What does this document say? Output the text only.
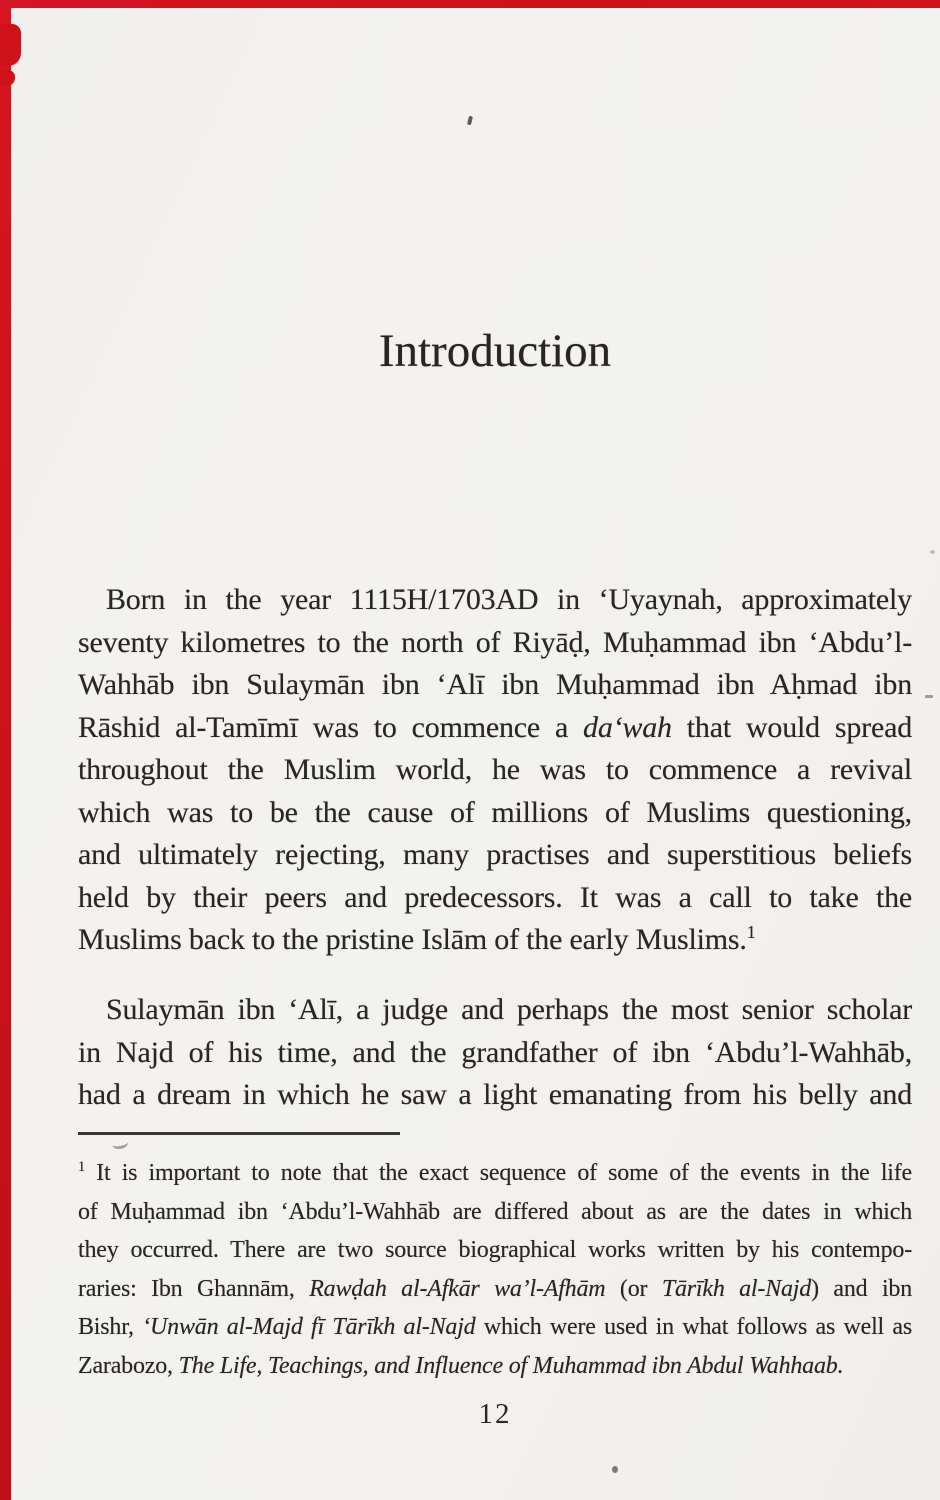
Introduction
Born in the year 1115H/1703AD in ‘Uyaynah, approximately
seventy kilometres to the north of Riyāḍ, Muḥammad ibn ‘Abdu’l-
Wahhāb ibn Sulaymān ibn ‘Alī ibn Muḥammad ibn Aḥmad ibn
Rāshid al-Tamīmī was to commence a da‘wah that would spread
throughout the Muslim world, he was to commence a revival
which was to be the cause of millions of Muslims questioning,
and ultimately rejecting, many practises and superstitious beliefs
held by their peers and predecessors. It was a call to take the
Muslims back to the pristine Islām of the early Muslims.$^1$
Sulaymān ibn ‘Alī, a judge and perhaps the most senior scholar
in Najd of his time, and the grandfather of ibn ‘Abdu’l-Wahhāb,
had a dream in which he saw a light emanating from his belly and
$^1$ It is important to note that the exact sequence of some of the events in the life
of Muḥammad ibn ‘Abdu’l-Wahhāb are differed about as are the dates in which
they occurred. There are two source biographical works written by his contempo-
raries: Ibn Ghannām, Rawḍah al-Afkār wa’l-Afhām (or Tārīkh al-Najd) and ibn
Bishr, ‘Unwān al-Majd fī Tārīkh al-Najd which were used in what follows as well as
Zarabozo, The Life, Teachings, and Influence of Muhammad ibn Abdul Wahhaab.
12
